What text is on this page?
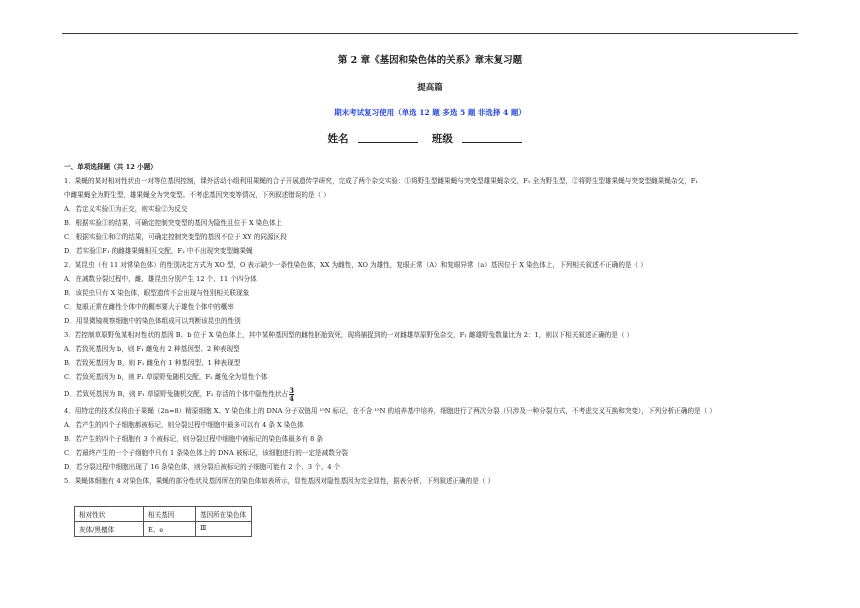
第 2 章《基因和染色体的关系》章末复习题
提高篇
期末考试复习使用（单选 12 题 多选 5 题 非选择 4 题）
姓名	班级
一、单项选择题（共 12 小题）
1．果蝇的某对相对性状由一对等位基因控制，课外活动小组利用果蝇的合子开展遗传学研究，完成了两个杂交实验：①将野生型雌果蝇与突变型雄果蝇杂交，F₁ 全为野生型，②将野生型雄果蝇与突变型雌果蝇杂交，F₁
中雌果蝇全为野生型，雄果蝇全为突变型。不考虑基因突变等情况，下列叙述错误的是（ ）
A．若定义实验①为正交，则实验②为反交
B．根据实验①的结果，可确定控制突变型的基因为隐性且位于 X 染色体上
C．根据实验①和②的结果，可确定控制突变型的基因不位于 XY 的同源区段
D．若实验①F₁ 的雌雄果蝇相互交配，F₂ 中不出现突变型雌果蝇
2．某昆虫（有 11 对常染色体）的性别决定方式为 XO 型，O 表示缺少一条性染色体，XX 为雌性，XO 为雄性，复眼正常（A）和复眼异常（a）基因位于 X 染色体上，下列相关叙述不正确的是（ ）
A．在减数分裂过程中，雌、雄昆虫分别产生 12 个、11 个四分体
B．该昆虫只有 X 染色体，眼型遗传不会出现与性别相关联现象
C．复眼正常在雌性个体中的概率要大于雄性个体中的概率
D．用显微镜观察细胞中的染色体组成可以判断该昆虫的性别
3．若控制草原野兔某相对性状的基因 B、b 位于 X 染色体上，其中某种基因型的雌性胚胎致死，现将捕捉到的一对雌雄草原野兔杂交，F₁ 雌雄野兔数量比为 2：1，则以下相关叙述正确的是（ ）
A．若致死基因为 b，则 F₁ 雌兔有 2 种基因型、2 种表现型
B．若致死基因为 B，则 F₁ 雌兔有 1 种基因型、1 种表现型
C．若致死基因为 b，则 F₁ 草原野兔随机交配，F₂ 雌兔全为显性个体
D．若致死基因为 B，则 F₁ 草原野兔随机交配，F₂ 存活的个体中隐性性状占 $\frac{3}{4}$
4．用特定的技术仅将由于果蝇（2n=8）精原细胞 X、Y 染色体上的 DNA 分子双链用 ¹⁵N 标记，在不含 ¹⁵N 的培养基中培养，细胞进行了两次分裂（只涉及一种分裂方式，不考虑交叉互换和突变），下列分析正确的是（ ）
A．若产生的四个子细胞都被标记，则分裂过程中细胞中最多可以有 4 条 X 染色体
B．若产生的四个子细胞有 3 个被标记，则分裂过程中细胞中被标记的染色体最多有 8 条
C．若最终产生的一个子细胞中只有 1 条染色体上的 DNA 被标记，该细胞进行的一定是减数分裂
D．若分裂过程中细胞出现了 16 条染色体，则分裂后被标记的子细胞可能有 2 个、3 个、4 个
5．果蝇体细胞有 4 对染色体，果蝇的部分性状及基因所在的染色体如表所示，显性基因对隐性基因为完全显性，据表分析，下列叙述正确的是（ ）
相对性状	相关基因	基因所在染色体
灰体/黑檀体	E、e	Ⅲ
